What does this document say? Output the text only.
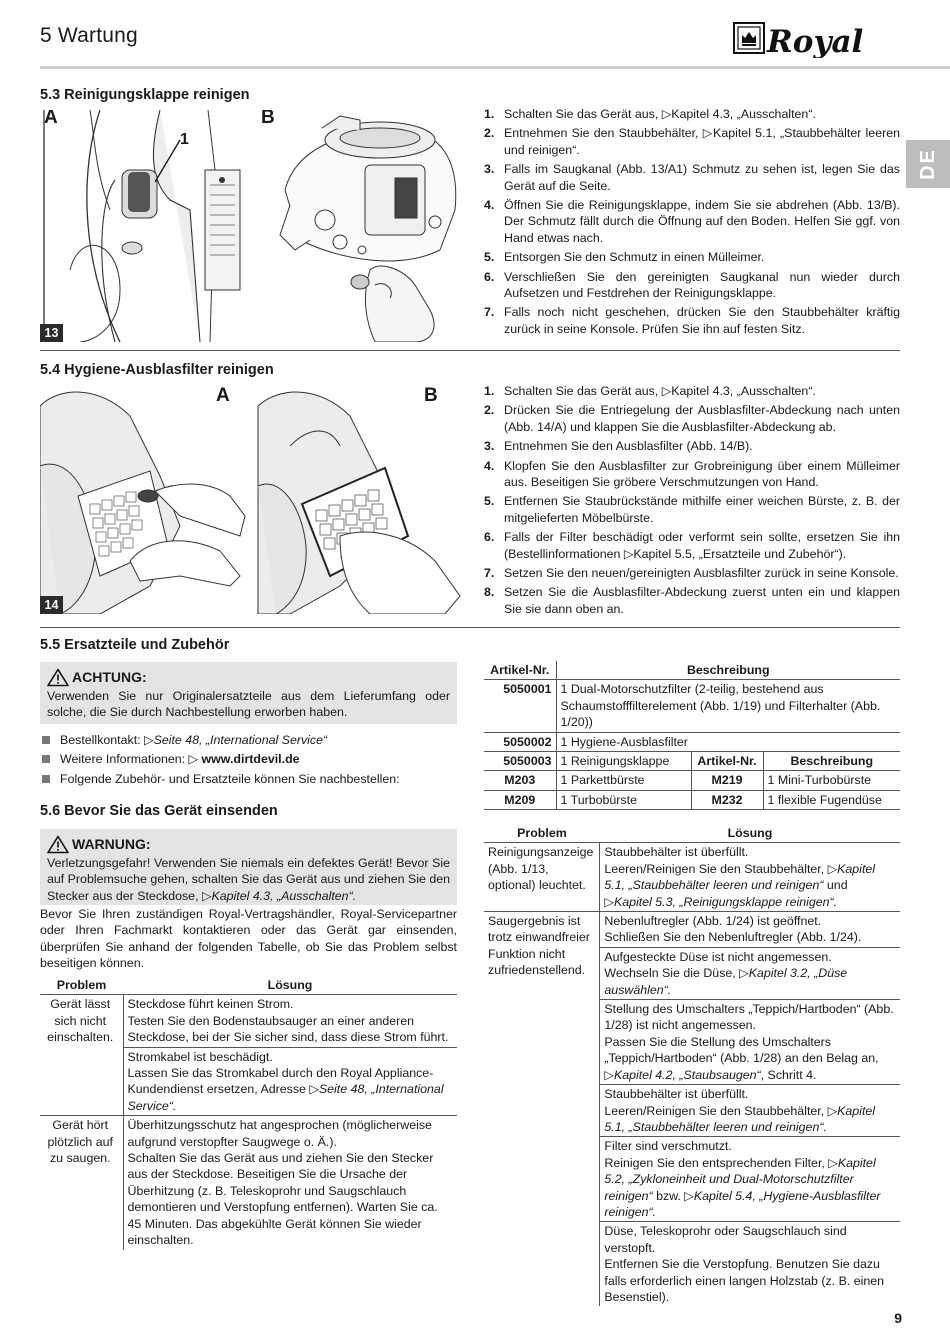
5 Wartung	Royal
DE
5.3 Reinigungsklappe reinigen
A	B
1
13
1. Schalten Sie das Gerät aus, ▷Kapitel 4.3, „Ausschalten“.
2. Entnehmen Sie den Staubbehälter, ▷Kapitel 5.1, „Staubbehälter leeren und reinigen“.
3. Falls im Saugkanal (Abb. 13/A1) Schmutz zu sehen ist, legen Sie das Gerät auf die Seite.
4. Öffnen Sie die Reinigungsklappe, indem Sie sie abdrehen (Abb. 13/B). Der Schmutz fällt durch die Öffnung auf den Boden. Helfen Sie ggf. von Hand etwas nach.
5. Entsorgen Sie den Schmutz in einen Mülleimer.
6. Verschließen Sie den gereinigten Saugkanal nun wieder durch Aufsetzen und Festdrehen der Reinigungsklappe.
7. Falls noch nicht geschehen, drücken Sie den Staubbehälter kräftig zurück in seine Konsole. Prüfen Sie ihn auf festen Sitz.
5.4 Hygiene-Ausblasfilter reinigen
A	B
14
1. Schalten Sie das Gerät aus, ▷Kapitel 4.3, „Ausschalten“.
2. Drücken Sie die Entriegelung der Ausblasfilter-Abdeckung nach unten (Abb. 14/A) und klappen Sie die Ausblasfilter-Abdeckung ab.
3. Entnehmen Sie den Ausblasfilter (Abb. 14/B).
4. Klopfen Sie den Ausblasfilter zur Grobreinigung über einem Mülleimer aus. Beseitigen Sie gröbere Verschmutzungen von Hand.
5. Entfernen Sie Staubrückstände mithilfe einer weichen Bürste, z. B. der mitgelieferten Möbelbürste.
6. Falls der Filter beschädigt oder verformt sein sollte, ersetzen Sie ihn (Bestellinformationen ▷Kapitel 5.5, „Ersatzteile und Zubehör“).
7. Setzen Sie den neuen/gereinigten Ausblasfilter zurück in seine Konsole.
8. Setzen Sie die Ausblasfilter-Abdeckung zuerst unten ein und klappen Sie sie dann oben an.
5.5 Ersatzteile und Zubehör
ACHTUNG:
Verwenden Sie nur Originalersatzteile aus dem Lieferumfang oder solche, die Sie durch Nachbestellung erworben haben.
Bestellkontakt: ▷Seite 48, „International Service“
Weitere Informationen: ▷ www.dirtdevil.de
Folgende Zubehör- und Ersatzteile können Sie nachbestellen:
Artikel-Nr.	Beschreibung		
5050001	1 Dual-Motorschutzfilter (2-teilig, bestehend aus Schaumstofffilterelement (Abb. 1/19) und Filterhalter (Abb. 1/20))		
5050002	1 Hygiene-Ausblasfilter		
5050003	1 Reinigungsklappe	Artikel-Nr.	Beschreibung
M203	1 Parkettbürste	M219	1 Mini-Turbobürste
M209	1 Turbobürste	M232	1 flexible Fugendüse
5.6 Bevor Sie das Gerät einsenden
WARNUNG:
Verletzungsgefahr! Verwenden Sie niemals ein defektes Gerät! Bevor Sie auf Problemsuche gehen, schalten Sie das Gerät aus und ziehen Sie den Stecker aus der Steckdose, ▷Kapitel 4.3, „Ausschalten“.
Bevor Sie Ihren zuständigen Royal-Vertragshändler, Royal-Servicepartner oder Ihren Fachmarkt kontaktieren oder das Gerät gar einsenden, überprüfen Sie anhand der folgenden Tabelle, ob Sie das Problem selbst beseitigen können.
Problem	Lösung
Gerät lässt sich nicht einschalten.	Steckdose führt keinen Strom.

Testen Sie den Bodenstaubsauger an einer anderen Steckdose, bei der Sie sicher sind, dass diese Strom führt.

	Stromkabel ist beschädigt.

Lassen Sie das Stromkabel durch den Royal Appliance-Kundendienst ersetzen, Adresse ▷Seite 48, „International Service“.

Gerät hört plötzlich auf zu saugen.	Überhitzungsschutz hat angesprochen (möglicherweise aufgrund verstopfter Saugwege o. Ä.).

Schalten Sie das Gerät aus und ziehen Sie den Stecker aus der Steckdose. Beseitigen Sie die Ursache der Überhitzung (z. B. Teleskoprohr und Saugschlauch demontieren und Verstopfung entfernen). Warten Sie ca. 45 Minuten. Das abgekühlte Gerät können Sie wieder einschalten.

Problem	Lösung
Reinigungsanzeige (Abb. 1/13, optional) leuchtet.	Staubbehälter ist überfüllt.

Leeren/Reinigen Sie den Staubbehälter, ▷Kapitel 5.1, „Staubbehälter leeren und reinigen“ und ▷Kapitel 5.3, „Reinigungsklappe reinigen“.

Saugergebnis ist trotz einwandfreier Funktion nicht zufriedenstellend.	Nebenluftregler (Abb. 1/24) ist geöffnet.

Schließen Sie den Nebenluftregler (Abb. 1/24).

	Aufgesteckte Düse ist nicht angemessen.

Wechseln Sie die Düse, ▷Kapitel 3.2, „Düse auswählen“.

	Stellung des Umschalters „Teppich/Hartboden“ (Abb. 1/28) ist nicht angemessen.

Passen Sie die Stellung des Umschalters „Teppich/Hartboden“ (Abb. 1/28) an den Belag an, ▷Kapitel 4.2, „Staubsaugen“, Schritt 4.

	Staubbehälter ist überfüllt.

Leeren/Reinigen Sie den Staubbehälter, ▷Kapitel 5.1, „Staubbehälter leeren und reinigen“.

	Filter sind verschmutzt.

Reinigen Sie den entsprechenden Filter, ▷Kapitel 5.2, „Zykloneinheit und Dual-Motorschutzfilter reinigen“ bzw. ▷Kapitel 5.4, „Hygiene-Ausblasfilter reinigen“.

	Düse, Teleskoprohr oder Saugschlauch sind verstopft.

Entfernen Sie die Verstopfung. Benutzen Sie dazu falls erforderlich einen langen Holzstab (z. B. einen Besenstiel).

9
